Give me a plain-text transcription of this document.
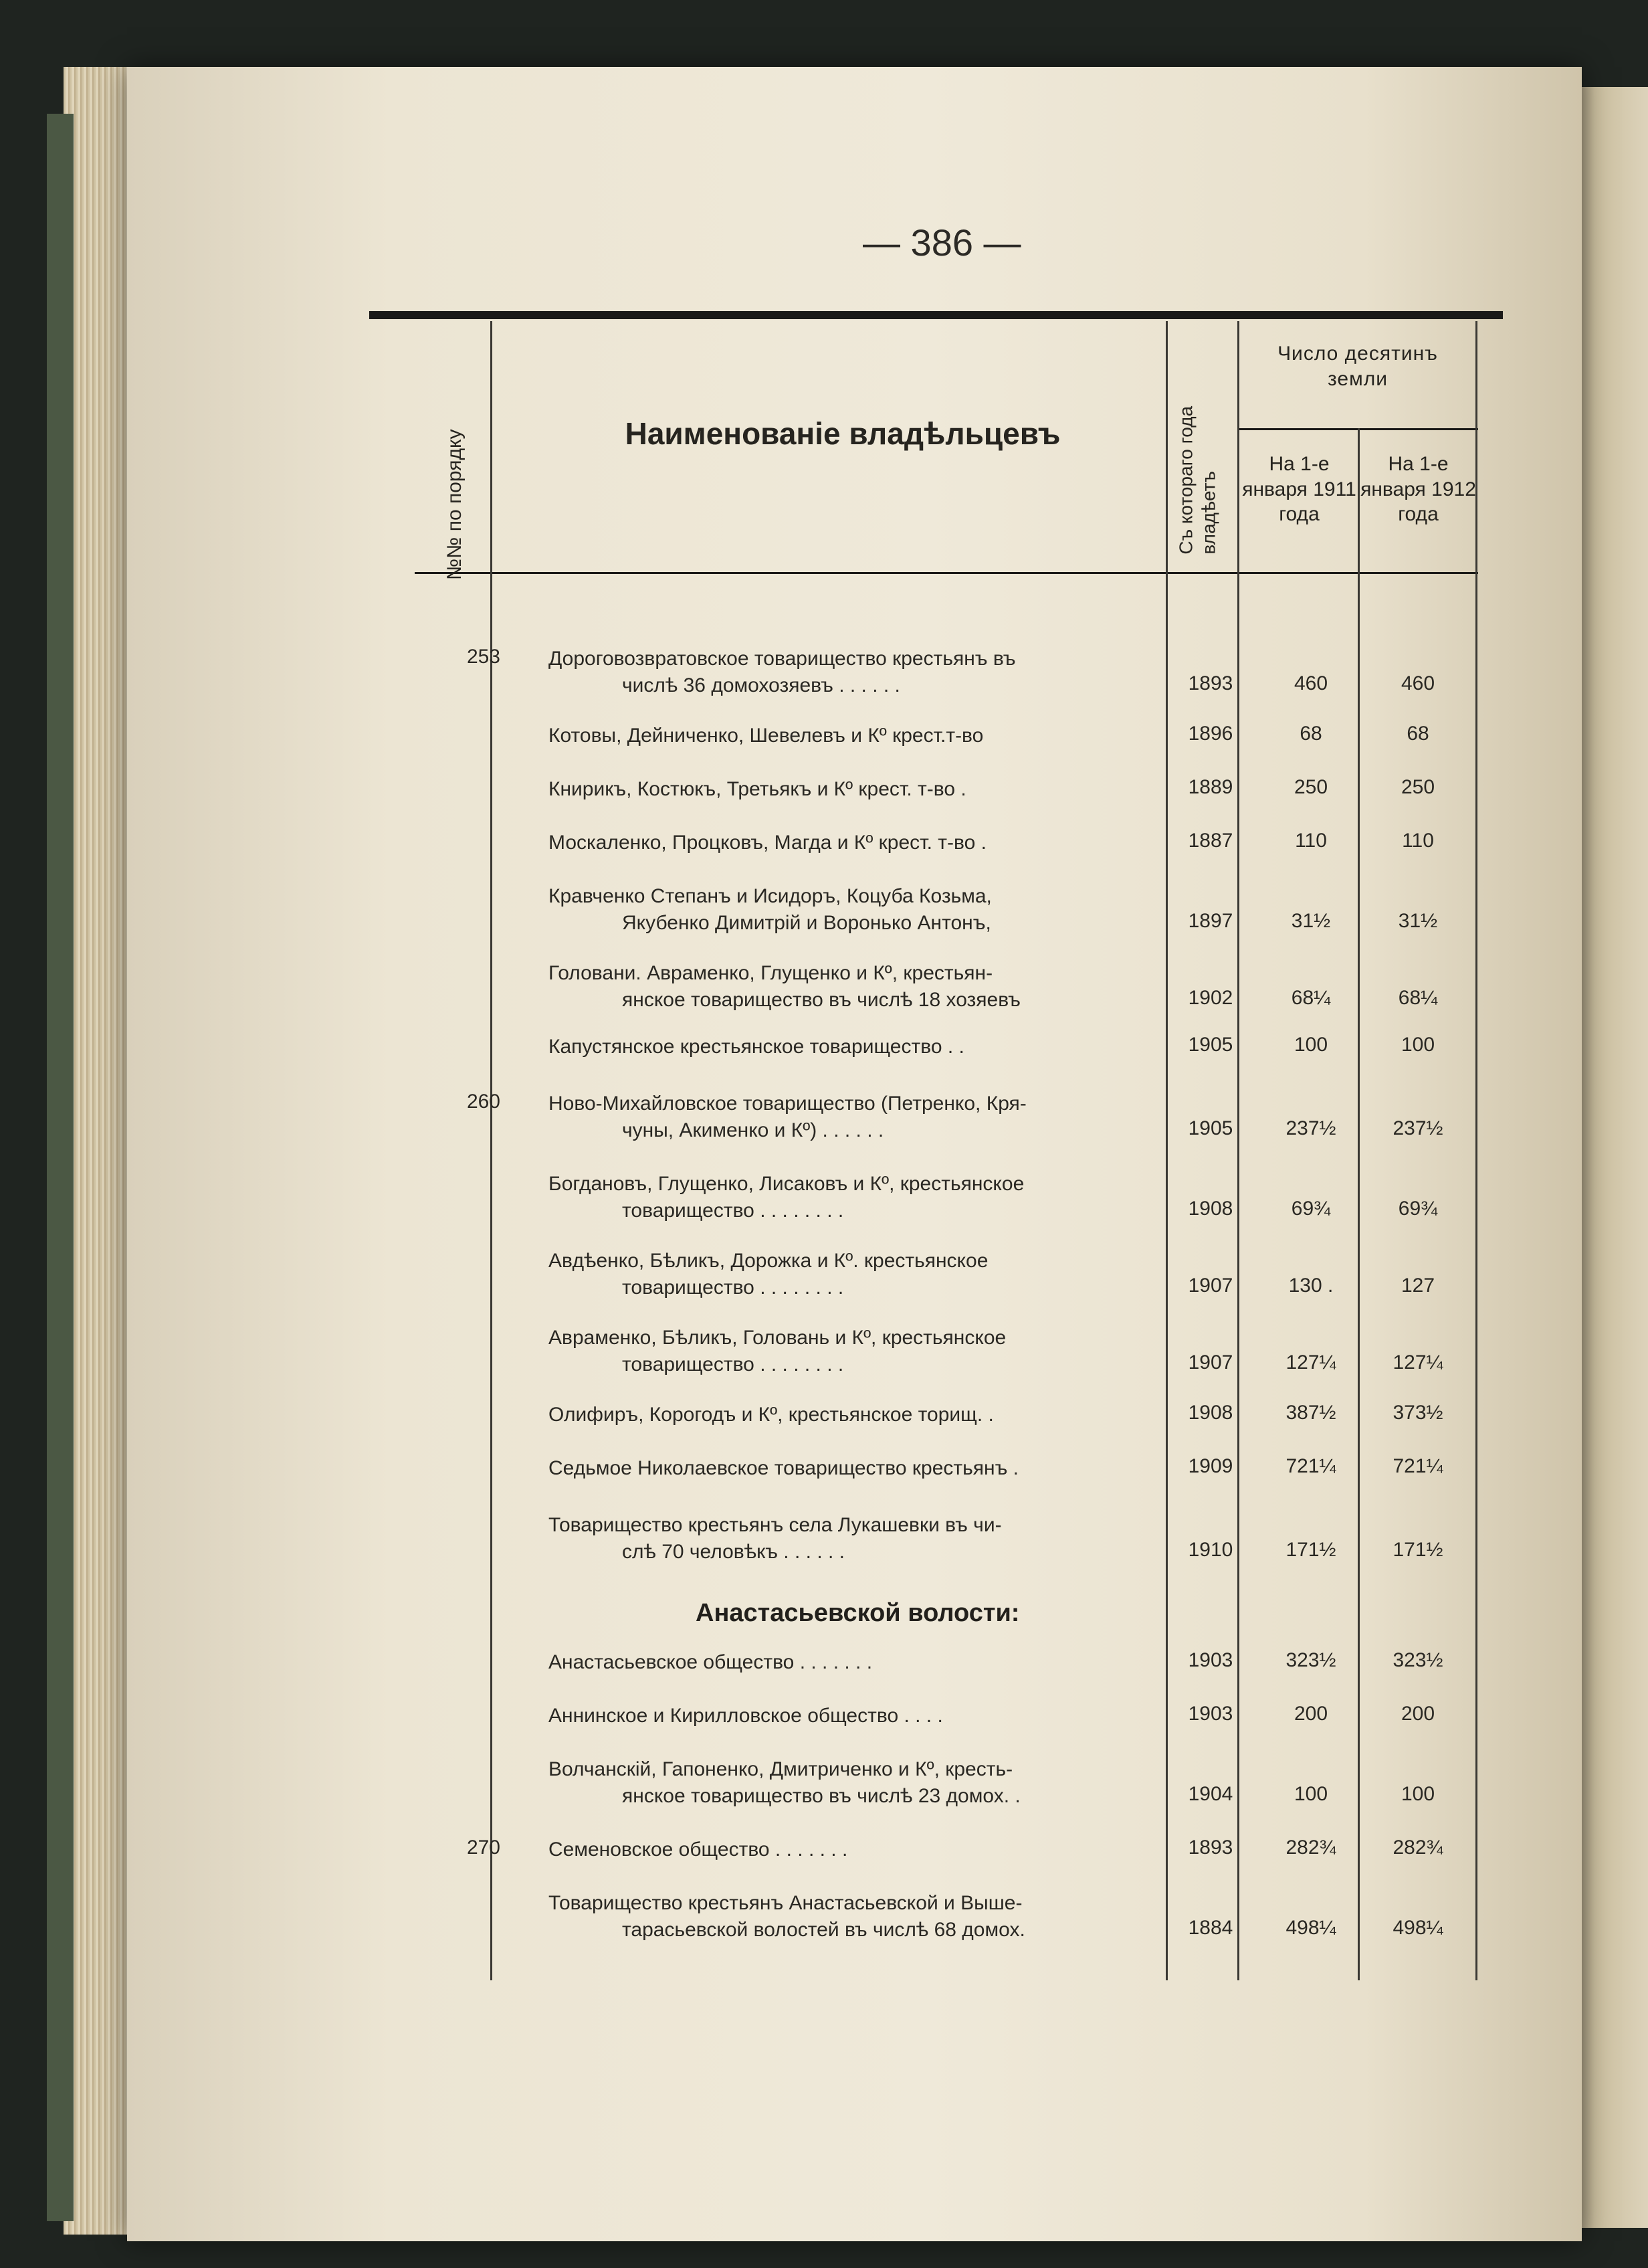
— 386 —
№№ по порядку	Наименованіе владѣльцевъ	Съ котораго года владѣетъ
Число десятинъ земли
На 1-е января 1911 года
На 1-е января 1912 года
253 Дороговозвратовское товарищество крестьянъ въ
числѣ 36 домохозяевъ . . . . . .	1893	460	460
Котовы, Дейниченко, Шевелевъ и Кº крест.т-во	1896	68	68
Книрикъ, Костюкъ, Третьякъ и Кº крест. т-во .	1889	250	250
Москаленко, Процковъ, Магда и Кº крест. т-во .	1887	110	110
Кравченко Степанъ и Исидоръ, Коцуба Козьма,
Якубенко Димитрій и Воронько Антонъ,	1897	31½	31½
Головани. Авраменко, Глущенко и Кº, крестьян-
янское товарищество въ числѣ 18 хозяевъ	1902	68¼	68¼
Капустянское крестьянское товарищество . .	1905	100	100
260 Ново-Михайловское товарищество (Петренко, Кря-
чуны, Акименко и Кº) . . . . . .	1905	237½	237½
Богдановъ, Глущенко, Лисаковъ и Кº, крестьянское
товарищество . . . . . . . .	1908	69¾	69¾
Авдѣенко, Бѣликъ, Дорожка и Кº. крестьянское
товарищество . . . . . . . .	1907	130 .	127
Авраменко, Бѣликъ, Головань и Кº, крестьянское
товарищество . . . . . . . .	1907	127¼	127¼
Олифиръ, Корогодъ и Кº, крестьянское торищ. .	1908	387½	373½
Седьмое Николаевское товарищество крестьянъ .	1909	721¼	721¼
Товарищество крестьянъ села Лукашевки въ чи-
слѣ 70 человѣкъ . . . . . .	1910	171½	171½
Анастасьевское общество . . . . . . .	1903	323½	323½
Аннинское и Кирилловское общество . . . .	1903	200	200
Волчанскій, Гапоненко, Дмитриченко и Кº, кресть-
янское товарищество въ числѣ 23 домох. .	1904	100	100
270 Семеновское общество . . . . . . .	1893	282¾	282¾
Товарищество крестьянъ Анастасьевской и Выше-
тарасьевской волостей въ числѣ 68 домох.	1884	498¼	498¼
Анастасьевской волости:
